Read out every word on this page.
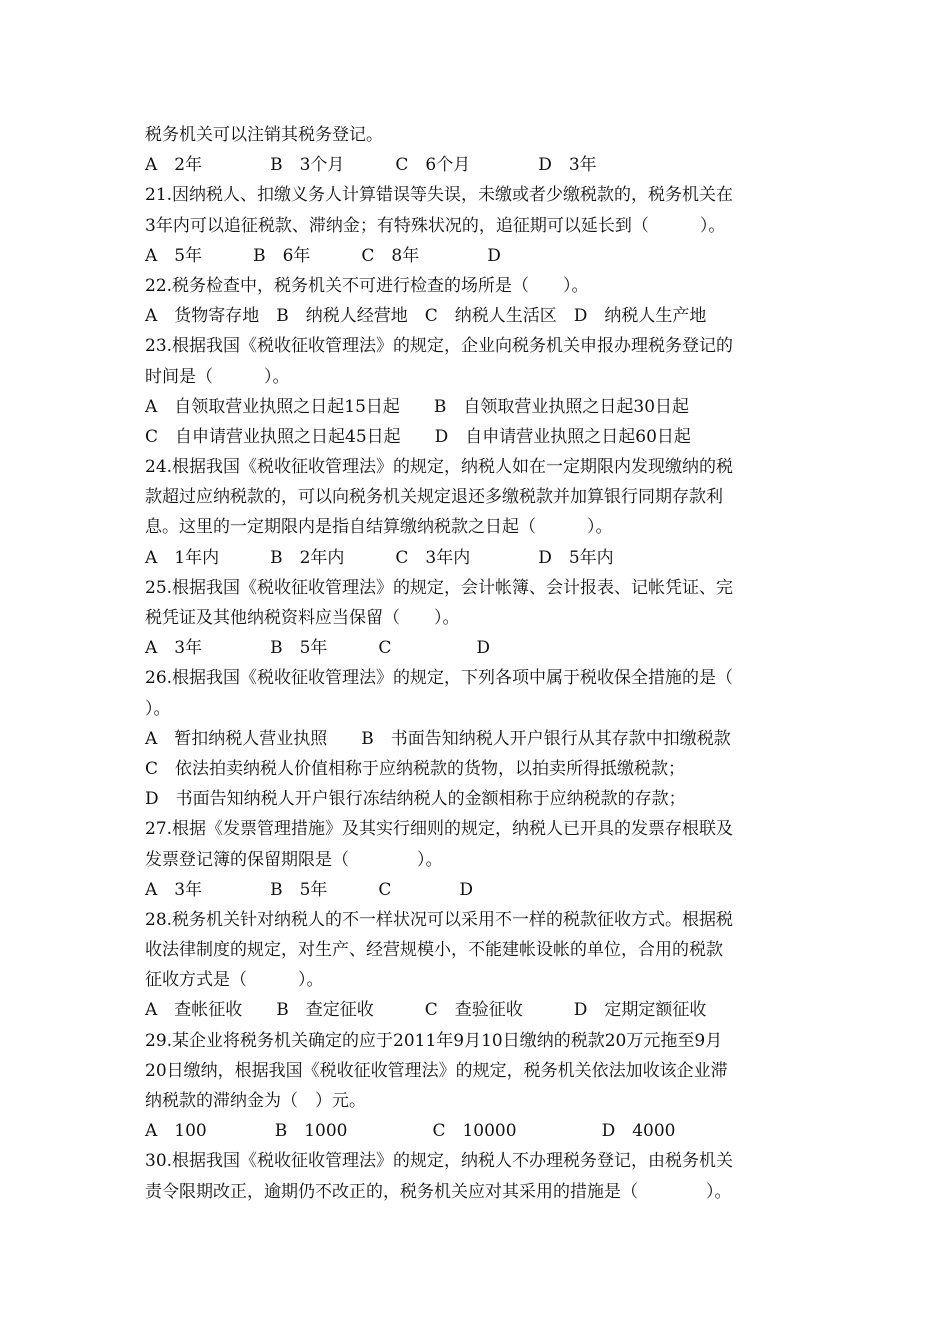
税务机关可以注销其税务登记。
A　2年　　　　B　3个月　　　C　6个月　　　　D　3年
21.因纳税人、扣缴义务人计算错误等失误，未缴或者少缴税款的，税务机关在
3年内可以追征税款、滞纳金；有特殊状况的，追征期可以延长到（　　　）。
A　5年　　　B　6年　　　C　8年　　　　D
22.税务检查中，税务机关不可进行检查的场所是（　　）。
A　货物寄存地　B　纳税人经营地　C　纳税人生活区　D　纳税人生产地
23.根据我国《税收征收管理法》的规定，企业向税务机关申报办理税务登记的
时间是（　　　）。
A　自领取营业执照之日起15日起　　B　自领取营业执照之日起30日起
C　自申请营业执照之日起45日起　　D　自申请营业执照之日起60日起
24.根据我国《税收征收管理法》的规定，纳税人如在一定期限内发现缴纳的税
款超过应纳税款的，可以向税务机关规定退还多缴税款并加算银行同期存款利
息。这里的一定期限内是指自结算缴纳税款之日起（　　　）。
A　1年内　　　B　2年内　　　C　3年内　　　　D　5年内
25.根据我国《税收征收管理法》的规定，会计帐簿、会计报表、记帐凭证、完
税凭证及其他纳税资料应当保留（　　）。
A　3年　　　　B　5年　　　C　　　　　D
26.根据我国《税收征收管理法》的规定，下列各项中属于税收保全措施的是（
）。
A　暂扣纳税人营业执照　　B　书面告知纳税人开户银行从其存款中扣缴税款
C　依法拍卖纳税人价值相称于应纳税款的货物，以拍卖所得抵缴税款；
D　书面告知纳税人开户银行冻结纳税人的金额相称于应纳税款的存款；
27.根据《发票管理措施》及其实行细则的规定，纳税人已开具的发票存根联及
发票登记簿的保留期限是（　　　　）。
A　3年　　　　B　5年　　　C　　　　D
28.税务机关针对纳税人的不一样状况可以采用不一样的税款征收方式。根据税
收法律制度的规定，对生产、经营规模小，不能建帐设帐的单位，合用的税款
征收方式是（　　　）。
A　查帐征收　　B　查定征收　　　C　查验征收　　　D　定期定额征收
29.某企业将税务机关确定的应于2011年9月10日缴纳的税款20万元拖至9月
20日缴纳，根据我国《税收征收管理法》的规定，税务机关依法加收该企业滞
纳税款的滞纳金为（　）元。
A　100　　　　B　1000　　　　　C　10000　　　　　D　4000
30.根据我国《税收征收管理法》的规定，纳税人不办理税务登记，由税务机关
责令限期改正，逾期仍不改正的，税务机关应对其采用的措施是（　　　　）。
